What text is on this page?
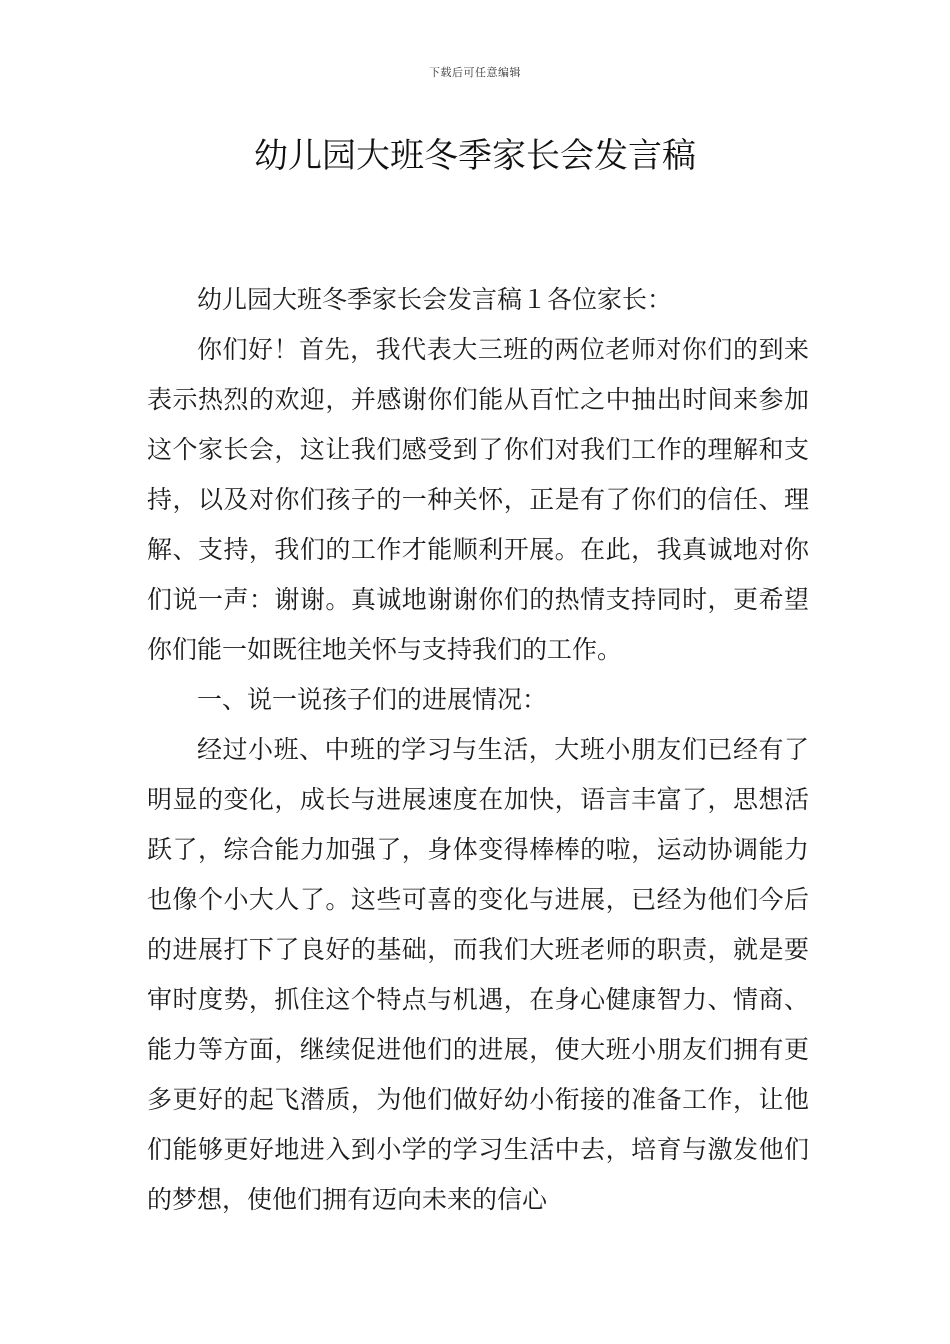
下载后可任意编辑
幼儿园大班冬季家长会发言稿

幼儿园大班冬季家长会发言稿１各位家长：

你们好！首先，我代表大三班的两位老师对你们的到来表示热烈的欢迎，并感谢你们能从百忙之中抽出时间来参加这个家长会，这让我们感受到了你们对我们工作的理解和支持，以及对你们孩子的一种关怀，正是有了你们的信任、理解、支持，我们的工作才能顺利开展。在此，我真诚地对你们说一声：谢谢。真诚地谢谢你们的热情支持同时，更希望你们能一如既往地关怀与支持我们的工作。

一、说一说孩子们的进展情况：

经过小班、中班的学习与生活，大班小朋友们已经有了明显的变化，成长与进展速度在加快，语言丰富了，思想活跃了，综合能力加强了，身体变得棒棒的啦，运动协调能力也像个小大人了。这些可喜的变化与进展，已经为他们今后的进展打下了良好的基础，而我们大班老师的职责，就是要审时度势，抓住这个特点与机遇，在身心健康智力、情商、能力等方面，继续促进他们的进展，使大班小朋友们拥有更多更好的起飞潜质，为他们做好幼小衔接的准备工作，让他们能够更好地进入到小学的学习生活中去，培育与激发他们的梦想，使他们拥有迈向未来的信心
